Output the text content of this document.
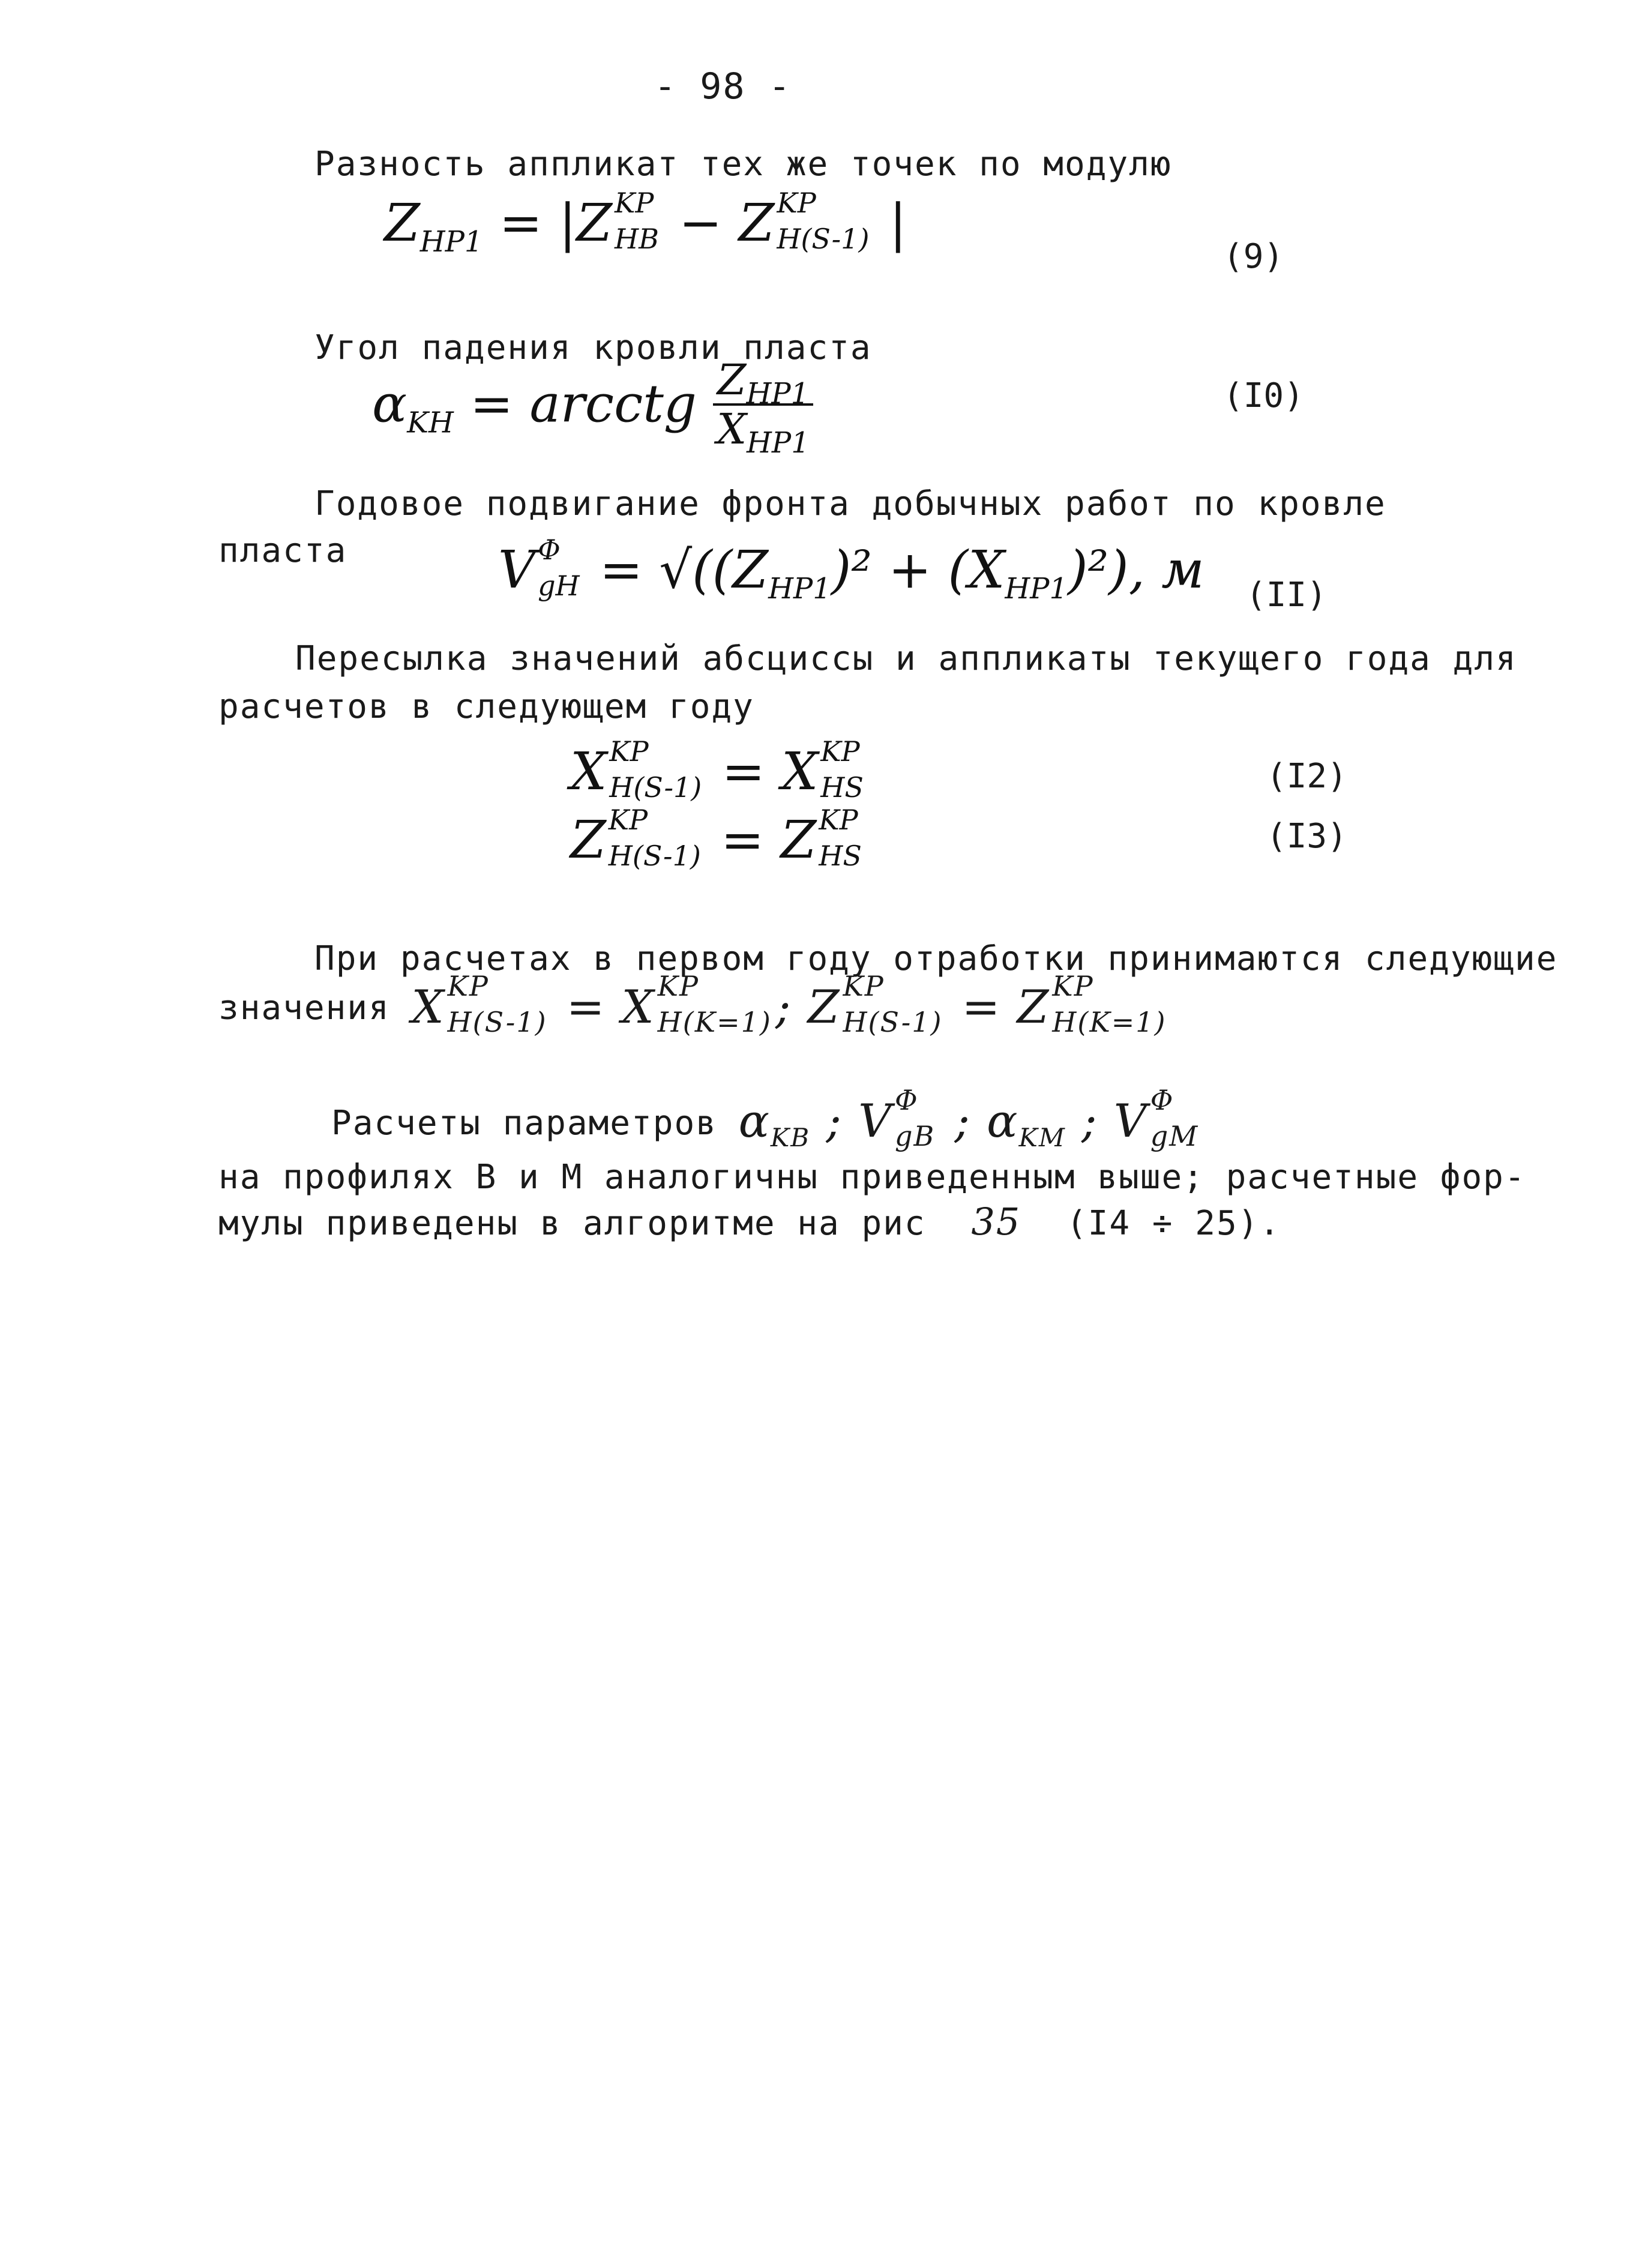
- 98 -
Разность аппликат тех же точек по модулю
$Z_{HP1} = |Z$ KP
HB − Z KP
H(S-1) |
(9)
Угол падения кровли пласта
$\alpha_{KH}$ = arcctg $\frac{Z_{HP1}}{X_{HP1}}$	(I0)
Годовое подвигание фронта добычных работ по кровле
пласта	V Φ
gH = $√((Z_{HP1})^2 + (X_{HP1})^2)$, м (II)
Пересылка значений абсциссы и аппликаты текущего года для
расчетов в следующем году
X KP
H(S-1) = X KP
HS	(I2)
Z KP
H(S-1) = Z KP
HS	(I3)
При расчетах в первом году отработки принимаются следующие
значения X KP
H(S-1) = X KP
H(K=1) ; Z KP
H(S-1) = Z KP
H(K=1)
Расчеты параметров $\alpha_{KB}$ ; V Φ
gB ; $\alpha_{KM}$ ; V Φ
gM
на профилях В и М аналогичны приведенным выше; расчетные фор-
мулы приведены в алгоритме на рис 35 (I4 ÷ 25).
